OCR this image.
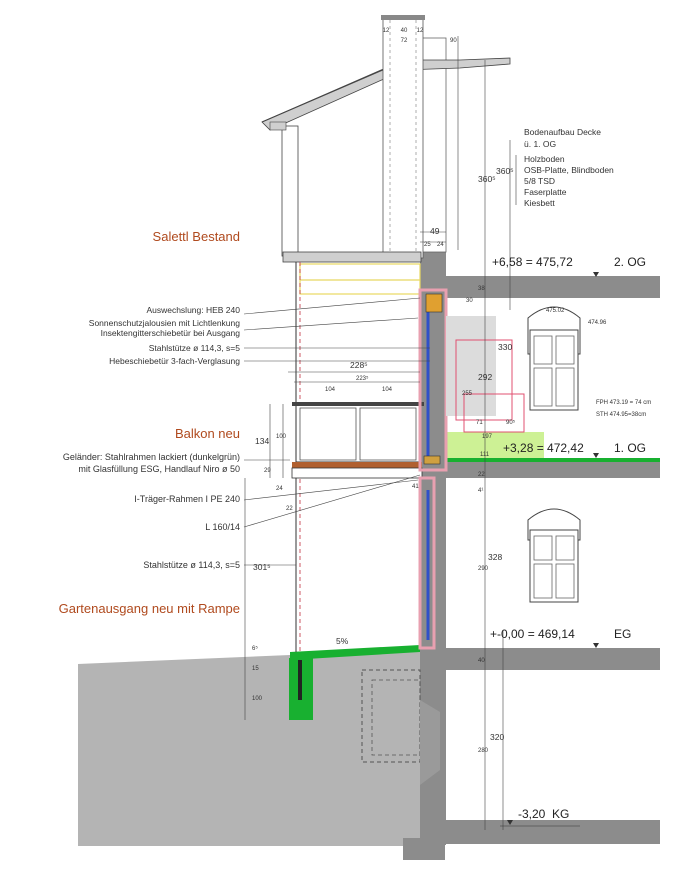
Salettl Bestand
Balkon neu
Gartenausgang neu mit Rampe
Auswechslung: HEB 240
Sonnenschutzjalousien mit Lichtlenkung
Insektengitterschiebetür bei Ausgang
Stahlstütze ø 114,3, s=5
Hebeschiebetür 3-fach-Verglasung
Geländer: Stahlrahmen lackiert (dunkelgrün)
mit Glasfüllung ESG, Handlauf Niro ø 50
I-Träger-Rahmen I PE 240
L 160/14
Stahlstütze ø 114,3, s=5
Bodenaufbau Decke
ü. 1. OG
Holzboden
OSB-Platte, Blindboden
5/8 TSD
Faserplatte
Kiesbett
+6,58 = 475,72	2. OG
+3,28 = 472,42	1. OG
+-0,00 = 469,14	EG
-3,20 KG
475.02
474.96
FPH 473.19 = 74 cm
STH 474.95=38cm
12 40 12
72	90
360⁵
360⁵
49
25 24
38
330
292
255
71	90⁵
197
111
22
4¹
228⁵
223⁵
104	104
134 100
29
24
301⁵
6⁵
15
100
5%
328
290
40
320
280
41
30
22
